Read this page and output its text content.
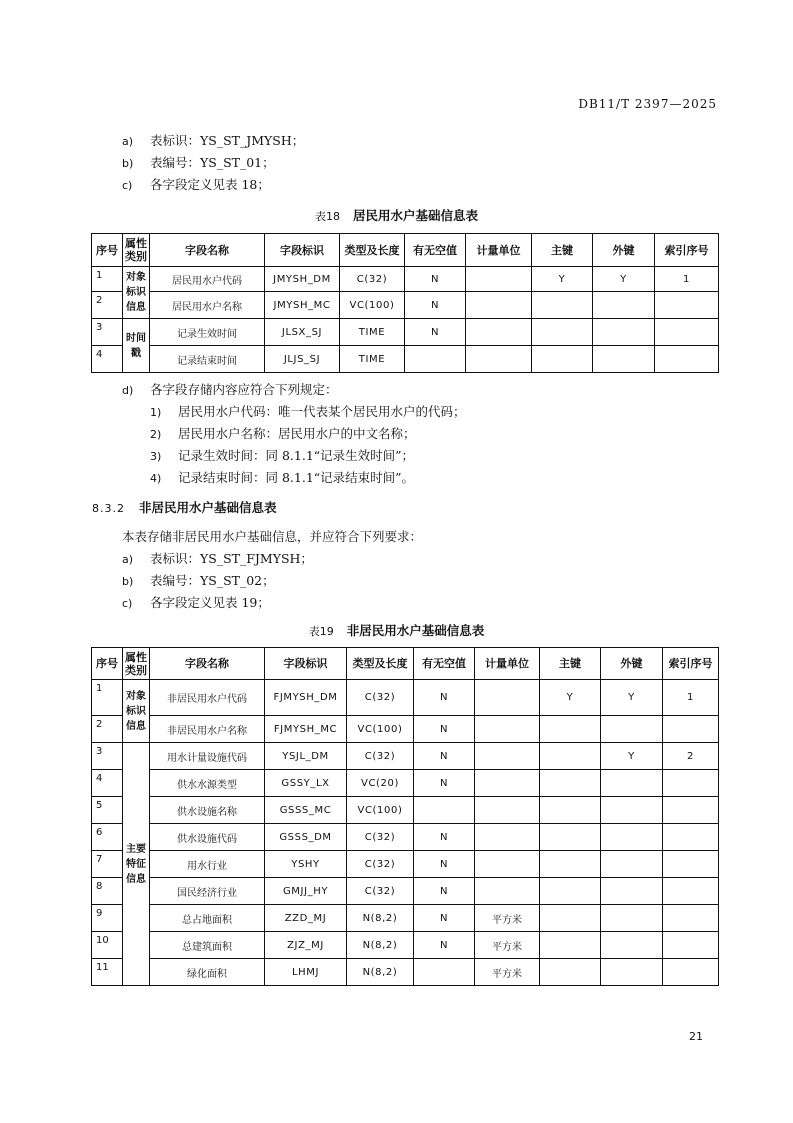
DB11/T 2397—2025
a) 表标识：YS_ST_JMYSH；
b) 表编号：YS_ST_01；
c) 各字段定义见表 18；
表18 居民用水户基础信息表
序号	属性类别	字段名称	字段标识	类型及长度	有无空值	计量单位	主键	外键	索引序号
1	对象标识信息	居民用水户代码	JMYSH_DM	C(32)	N		Y	Y	1
2		居民用水户名称	JMYSH_MC	VC(100)	N				
3	时间戳	记录生效时间	JLSX_SJ	TIME	N				
4		记录结束时间	JLJS_SJ	TIME					
d) 各字段存储内容应符合下列规定：
1) 居民用水户代码：唯一代表某个居民用水户的代码；
2) 居民用水户名称：居民用水户的中文名称；
3) 记录生效时间：同 8.1.1“记录生效时间”；
4) 记录结束时间：同 8.1.1“记录结束时间”。
8.3.2 非居民用水户基础信息表
本表存储非居民用水户基础信息，并应符合下列要求：
a) 表标识：YS_ST_FJMYSH；
b) 表编号：YS_ST_02；
c) 各字段定义见表 19；
表19 非居民用水户基础信息表
序号	属性类别	字段名称	字段标识	类型及长度	有无空值	计量单位	主键	外键	索引序号
1	对象标识信息	非居民用水户代码	FJMYSH_DM	C(32)	N		Y	Y	1
2		非居民用水户名称	FJMYSH_MC	VC(100)	N				
3	主要特征信息	用水计量设施代码	YSJL_DM	C(32)	N			Y	2
4		供水水源类型	GSSY_LX	VC(20)	N				
5		供水设施名称	GSSS_MC	VC(100)					
6		供水设施代码	GSSS_DM	C(32)	N				
7		用水行业	YSHY	C(32)	N				
8		国民经济行业	GMJJ_HY	C(32)	N				
9		总占地面积	ZZD_MJ	N(8,2)	N	平方米			
10		总建筑面积	ZJZ_MJ	N(8,2)	N	平方米			
11		绿化面积	LHMJ	N(8,2)		平方米			
21
